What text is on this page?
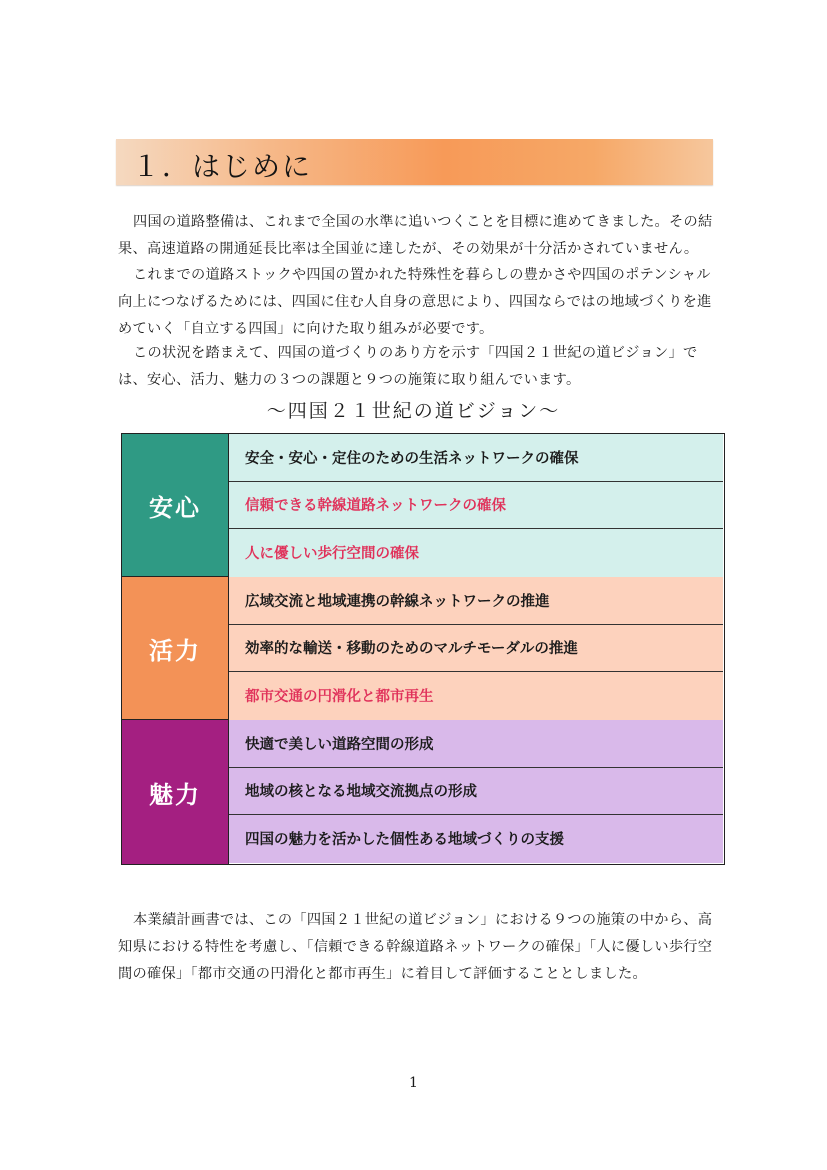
１．はじめに

四国の道路整備は、これまで全国の水準に追いつくことを目標に進めてきました。その結果、高速道路の開通延長比率は全国並に達したが、その効果が十分活かされていません。

これまでの道路ストックや四国の置かれた特殊性を暮らしの豊かさや四国のポテンシャル向上につなげるためには、四国に住む人自身の意思により、四国ならではの地域づくりを進めていく「自立する四国」に向けた取り組みが必要です。

この状況を踏まえて、四国の道づくりのあり方を示す「四国２１世紀の道ビジョン」では、安心、活力、魅力の３つの課題と９つの施策に取り組んでいます。

〜四国２１世紀の道ビジョン〜
安心
安全・安心・定住のための生活ネットワークの確保
信頼できる幹線道路ネットワークの確保
人に優しい歩行空間の確保
活力
広域交流と地域連携の幹線ネットワークの推進
効率的な輸送・移動のためのマルチモーダルの推進
都市交通の円滑化と都市再生
魅力
快適で美しい道路空間の形成
地域の核となる地域交流拠点の形成
四国の魅力を活かした個性ある地域づくりの支援

本業績計画書では、この「四国２１世紀の道ビジョン」における９つの施策の中から、高知県における特性を考慮し、「信頼できる幹線道路ネットワークの確保」「人に優しい歩行空間の確保」「都市交通の円滑化と都市再生」に着目して評価することとしました。

1
